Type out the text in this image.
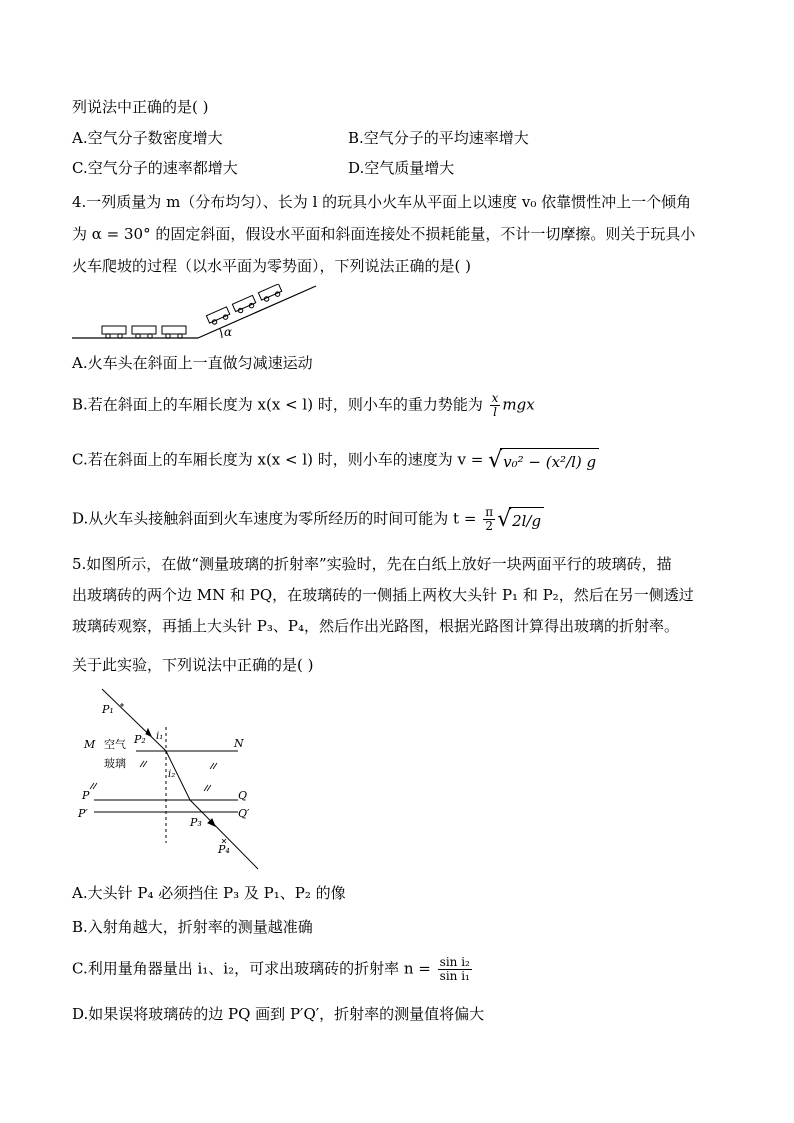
列说法中正确的是( )
A.空气分子数密度增大	B.空气分子的平均速率增大
C.空气分子的速率都增大	D.空气质量增大
4.一列质量为 m（分布均匀）、长为 l 的玩具小火车从平面上以速度 v₀ 依靠惯性冲上一个倾角
为 α = 30° 的固定斜面，假设水平面和斜面连接处不损耗能量，不计一切摩擦。则关于玩具小
火车爬坡的过程（以水平面为零势面），下列说法正确的是( )
α
A.火车头在斜面上一直做匀减速运动
B.若在斜面上的车厢长度为 x(x < l) 时，则小车的重力势能为 $\frac{x}{l}$ mgx
C.若在斜面上的车厢长度为 x(x < l) 时，则小车的速度为 v = √ v₀² − (x²/l) g
D.从火车头接触斜面到火车速度为零所经历的时间可能为 $t = \frac{\pi}{2}$ √ 2l/g
5.如图所示，在做“测量玻璃的折射率”实验时，先在白纸上放好一块两面平行的玻璃砖，描
出玻璃砖的两个边 MN 和 PQ，在玻璃砖的一侧插上两枚大头针 P₁ 和 P₂，然后在另一侧透过
玻璃砖观察，再插上大头针 P₃、P₄，然后作出光路图，根据光路图计算得出玻璃的折射率。
关于此实验，下列说法中正确的是( )
M	N
P	Q
P′	Q′
P₁
P₂
P₃
P₄
i₁
i₂
空气
玻璃
A.大头针 P₄ 必须挡住 P₃ 及 P₁、P₂ 的像
B.入射角越大，折射率的测量越准确
C.利用量角器量出 i₁、i₂，可求出玻璃砖的折射率 $n = \frac{\text{sin i₂}}{\text{sin i₁}}$
D.如果误将玻璃砖的边 PQ 画到 P′Q′，折射率的测量值将偏大
